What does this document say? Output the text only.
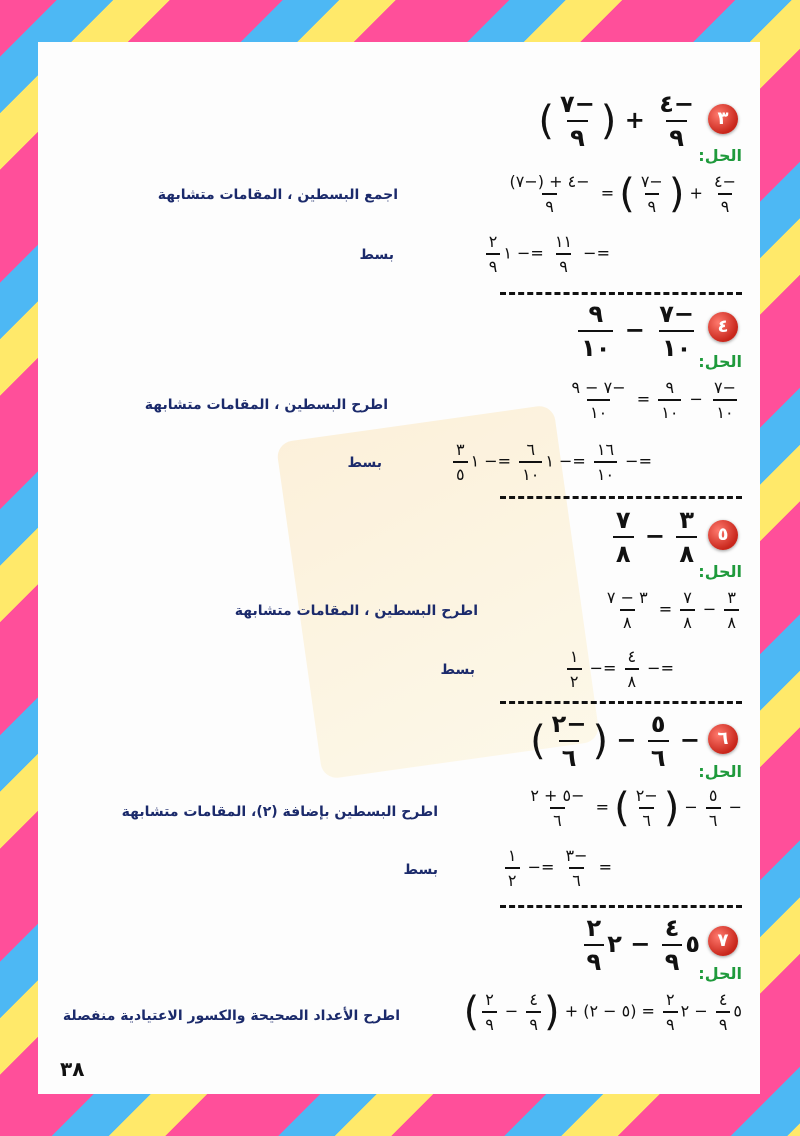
٣
$\frac{-٤}{٩}$
+ (
$\frac{-٧}{٩}$
)
الحل:
$\frac{-٤}{٩}$
+ (
$\frac{-٧}{٩}$
) =
$\frac{-٤ + (-٧)}{٩}$
اجمع البسطين ، المقامات متشابهة
=−
$\frac{١١}{٩}$
=− ١
$\frac{٢}{٩}$
بسط
٤
$\frac{-٧}{١٠}$
−
$\frac{٩}{١٠}$	الحل:
$\frac{-٧}{١٠}$
−
$\frac{٩}{١٠}$
=
$\frac{-٧ - ٩}{١٠}$
اطرح البسطين ، المقامات متشابهة
=−
$\frac{١٦}{١٠}$
=− ١
$\frac{٦}{١٠}$
=− ١
$\frac{٣}{٥}$
بسط
٥
$\frac{٣}{٨}$
−
$\frac{٧}{٨}$
الحل:
$\frac{٣}{٨}$
−
$\frac{٧}{٨}$
=
$\frac{٣ - ٧}{٨}$
اطرح البسطين ، المقامات متشابهة
=−
$\frac{٤}{٨}$
=−
$\frac{١}{٢}$
بسط
٦
−
$\frac{٥}{٦}$
− (
$\frac{-٢}{٦}$
)
الحل:
−
$\frac{٥}{٦}$
− (
$\frac{-٢}{٦}$
) =
$\frac{-٥ + ٢}{٦}$
اطرح البسطين بإضافة (٢)، المقامات متشابهة
=
$\frac{-٣}{٦}$
=−
$\frac{١}{٢}$
بسط
٧
٥
$\frac{٤}{٩}$
− ٢
$\frac{٢}{٩}$	الحل:
٥
$\frac{٤}{٩}$
− ٢
$\frac{٢}{٩}$
= (٥ − ٢) + (
$\frac{٤}{٩}$
−
$\frac{٢}{٩}$
)
اطرح الأعداد الصحيحة والكسور الاعتيادية منفصلة
٣٨
